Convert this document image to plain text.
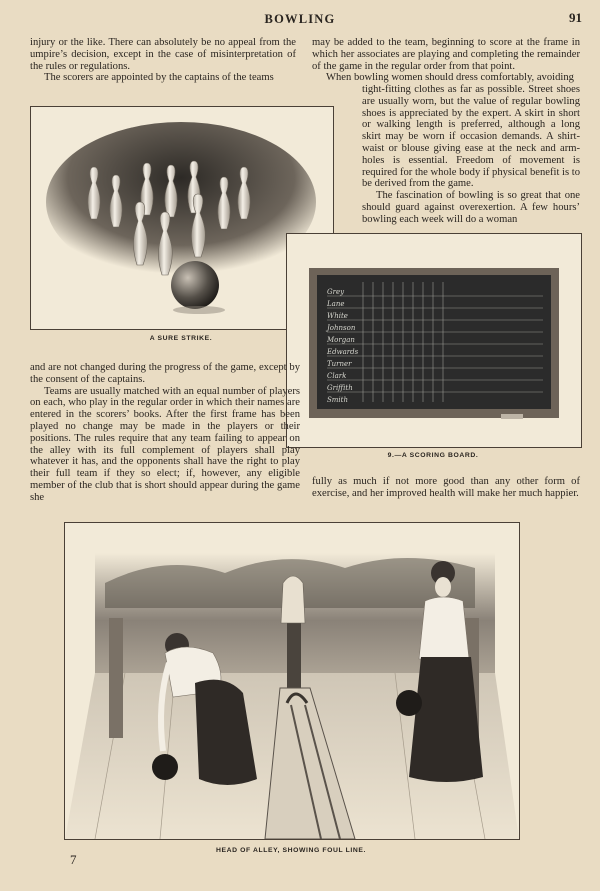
BOWLING	91

injury or the like. There can absolutely be no appeal from the umpire’s decision, except in the case of misinterpretation of the rules or regulations.

The scorers are appointed by the captains of the teams

may be added to the team, beginning to score at the frame in which her associates are playing and completing the remainder of the game in the regular order from that point.

When bowling women should dress comfortably, avoiding

tight-fitting clothes as far as possible. Street shoes are usually worn, but the value of regular bowling shoes is appreciated by the expert. A skirt in short or walking length is preferred, although a long skirt may be worn if occasion demands. A shirt-waist or blouse giving ease at the neck and arm-holes is essential. Freedom of movement is required for the whole body if physical benefit is to be derived from the game.

The fascination of bowling is so great that one should guard against overexertion. A few hours’ bowling each week will do a woman

A SURE STRIKE.
Grey
Lane
White
Johnson
Morgan
Edwards
Turner
Clark
Griffith
Smith
9.—A SCORING BOARD.

and are not changed during the progress of the game, except by the consent of the captains.

Teams are usually matched with an equal number of players on each, who play in the regular order in which their names are entered in the scorers’ books. After the first frame has been played no change may be made in the players or their positions. The rules require that any team failing to appear on the alley with its full complement of players shall play whatever it has, and the opponents shall have the right to play their full team if they so elect; if, however, any eligible member of the club that is short should appear during the game she

fully as much if not more good than any other form of exercise, and her improved health will make her much happier.

HEAD OF ALLEY, SHOWING FOUL LINE.
7
